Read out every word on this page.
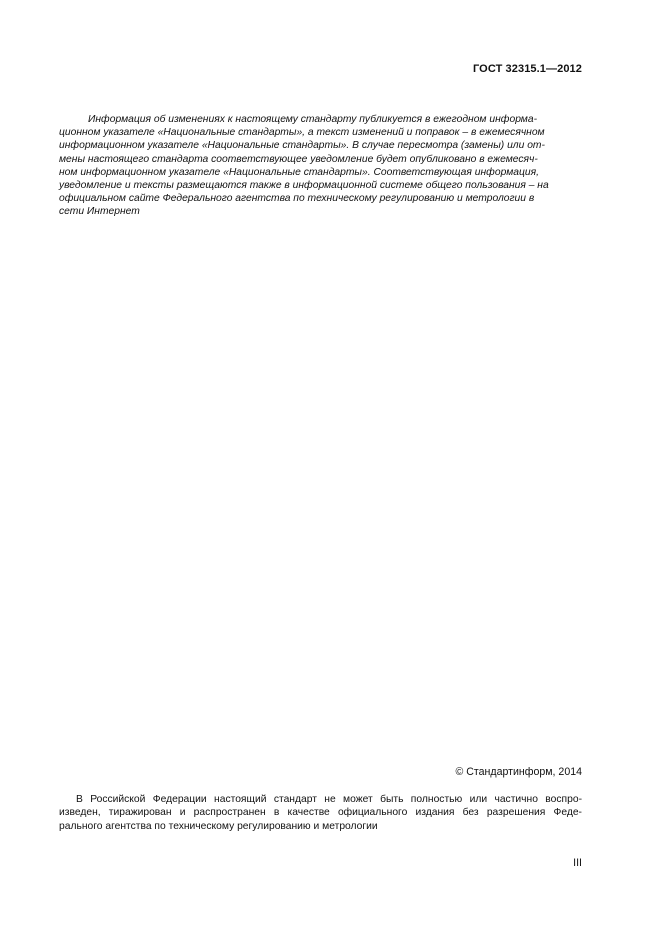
ГОСТ 32315.1—2012
Информация об изменениях к настоящему стандарту публикуется в ежегодном информа-
ционном указателе «Национальные стандарты», а текст изменений и поправок – в ежемесячном
информационном указателе «Национальные стандарты». В случае пересмотра (замены) или от-
мены настоящего стандарта соответствующее уведомление будет опубликовано в ежемесяч-
ном информационном указателе «Национальные стандарты». Соответствующая информация,
уведомление и тексты размещаются также в информационной системе общего пользования – на
официальном сайте Федерального агентства по техническому регулированию и метрологии в
сети Интернет
© Стандартинформ, 2014
В Российской Федерации настоящий стандарт не может быть полностью или частично воспро-
изведен, тиражирован и распространен в качестве официального издания без разрешения Феде-
рального агентства по техническому регулированию и метрологии
III
